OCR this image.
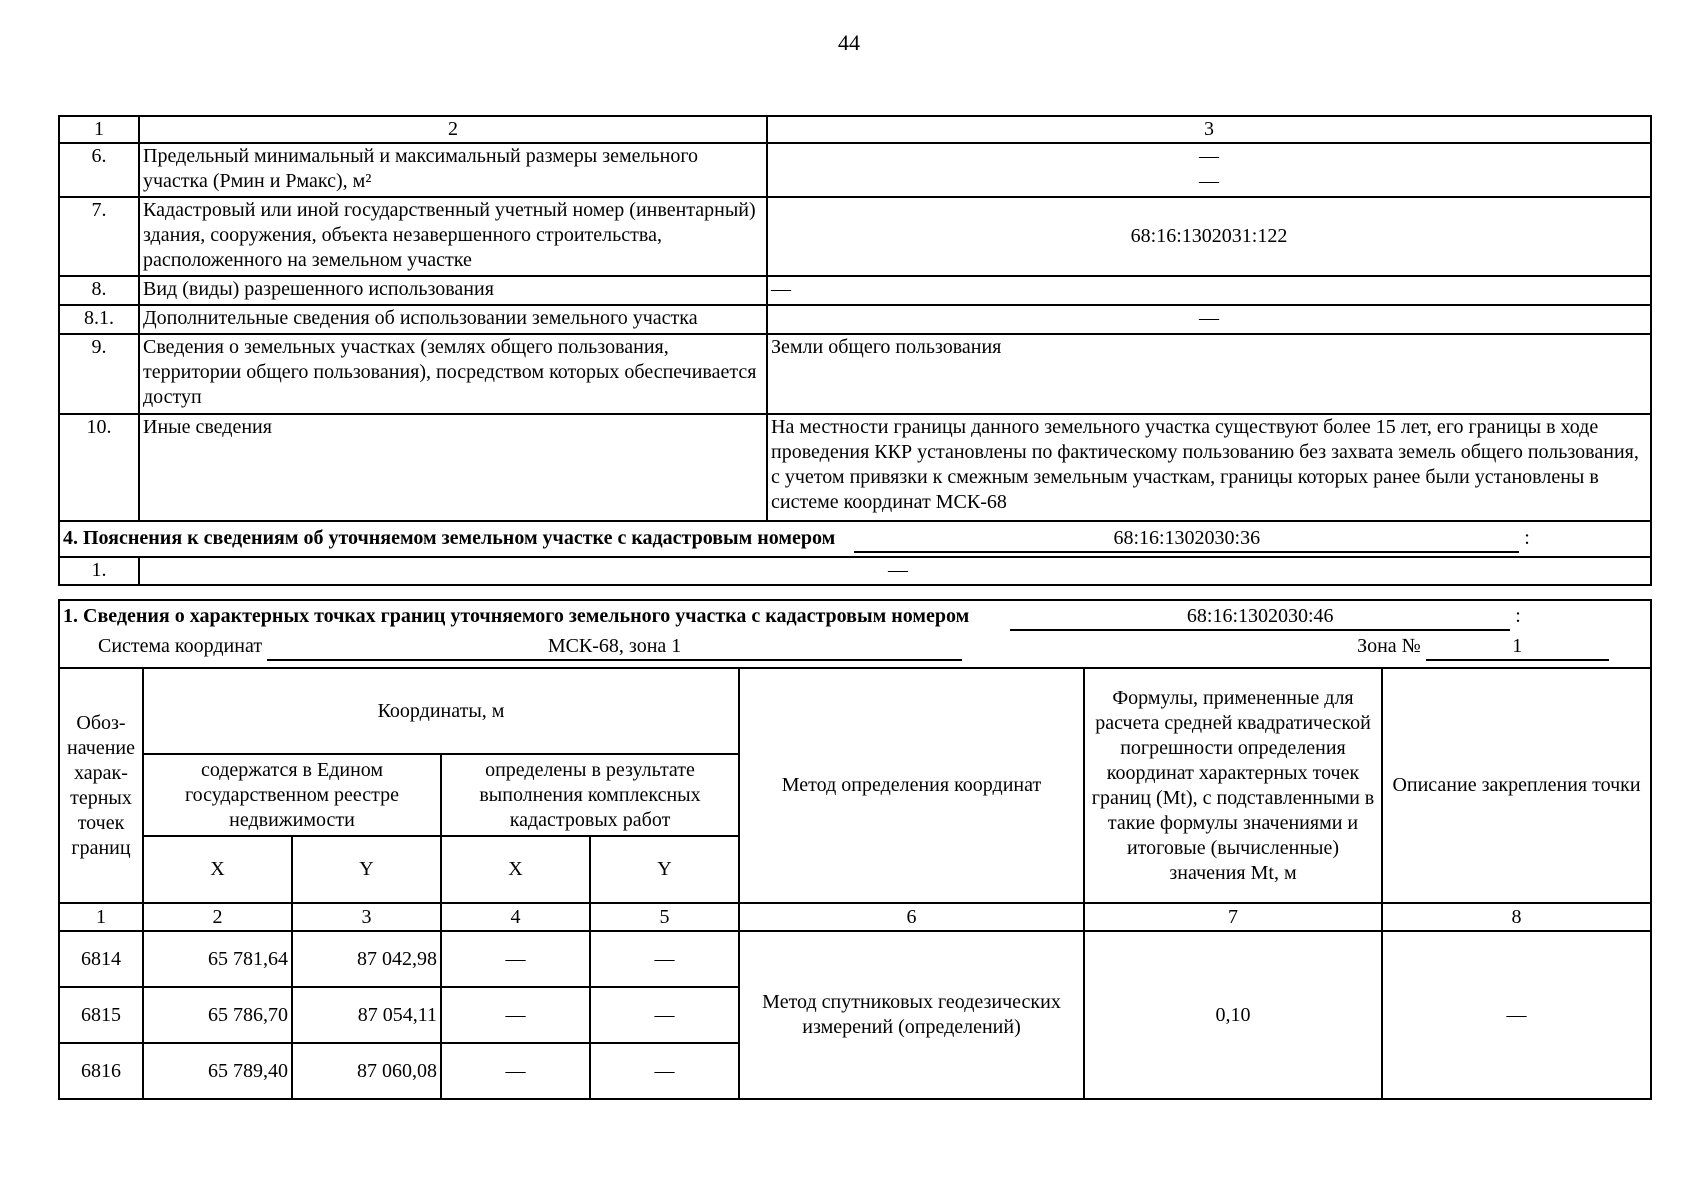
44
1	2	3
6.	Предельный минимальный и максимальный размеры земельного участка (Рмин и Рмакс), м²	—
—

7.	Кадастровый или иной государственный учетный номер (инвентарный) здания, сооружения, объекта незавершенного строительства, расположенного на земельном участке	68:16:1302031:122
8.	Вид (виды) разрешенного использования	—
8.1.	Дополнительные сведения об использовании земельного участка	—
9.	Сведения о земельных участках (землях общего пользования, территории общего пользования), посредством которых обеспечивается доступ	Земли общего пользования
10.	Иные сведения	На местности границы данного земельного участка существуют более 15 лет, его границы в ходе проведения ККР установлены по фактическому пользованию без захвата земель общего пользования, с учетом привязки к смежным земельным участкам, границы которых ранее были установлены в системе координат МСК-68
4. Пояснения к сведениям об уточняемом земельном участке с кадастровым номером 68:16:1302030:36 :		
1.	—	
1. Сведения о характерных точках границ уточняемого земельного участка с кадастровым номером 68:16:1302030:46 :
Система координат МСК-68, зона 1 Зона № 1							

Обоз-начение харак-терных точек границ	Координаты, м				Метод определения координат	Формулы, примененные для расчета средней квадратической погрешности определения координат характерных точек границ (Mt), с подставленными в такие формулы значениями и итоговые (вычисленные) значения Mt, м	Описание закрепления точки
	содержатся в Едином государственном реестре недвижимости		определены в результате выполнения комплексных кадастровых работ				
	X	Y	X	Y			
1	2	3	4	5	6	7	8
6814	65 781,64	87 042,98	—	—	Метод спутниковых геодезических измерений (определений)	0,10	—
6815	65 786,70	87 054,11	—	—			
6816	65 789,40	87 060,08	—	—			
